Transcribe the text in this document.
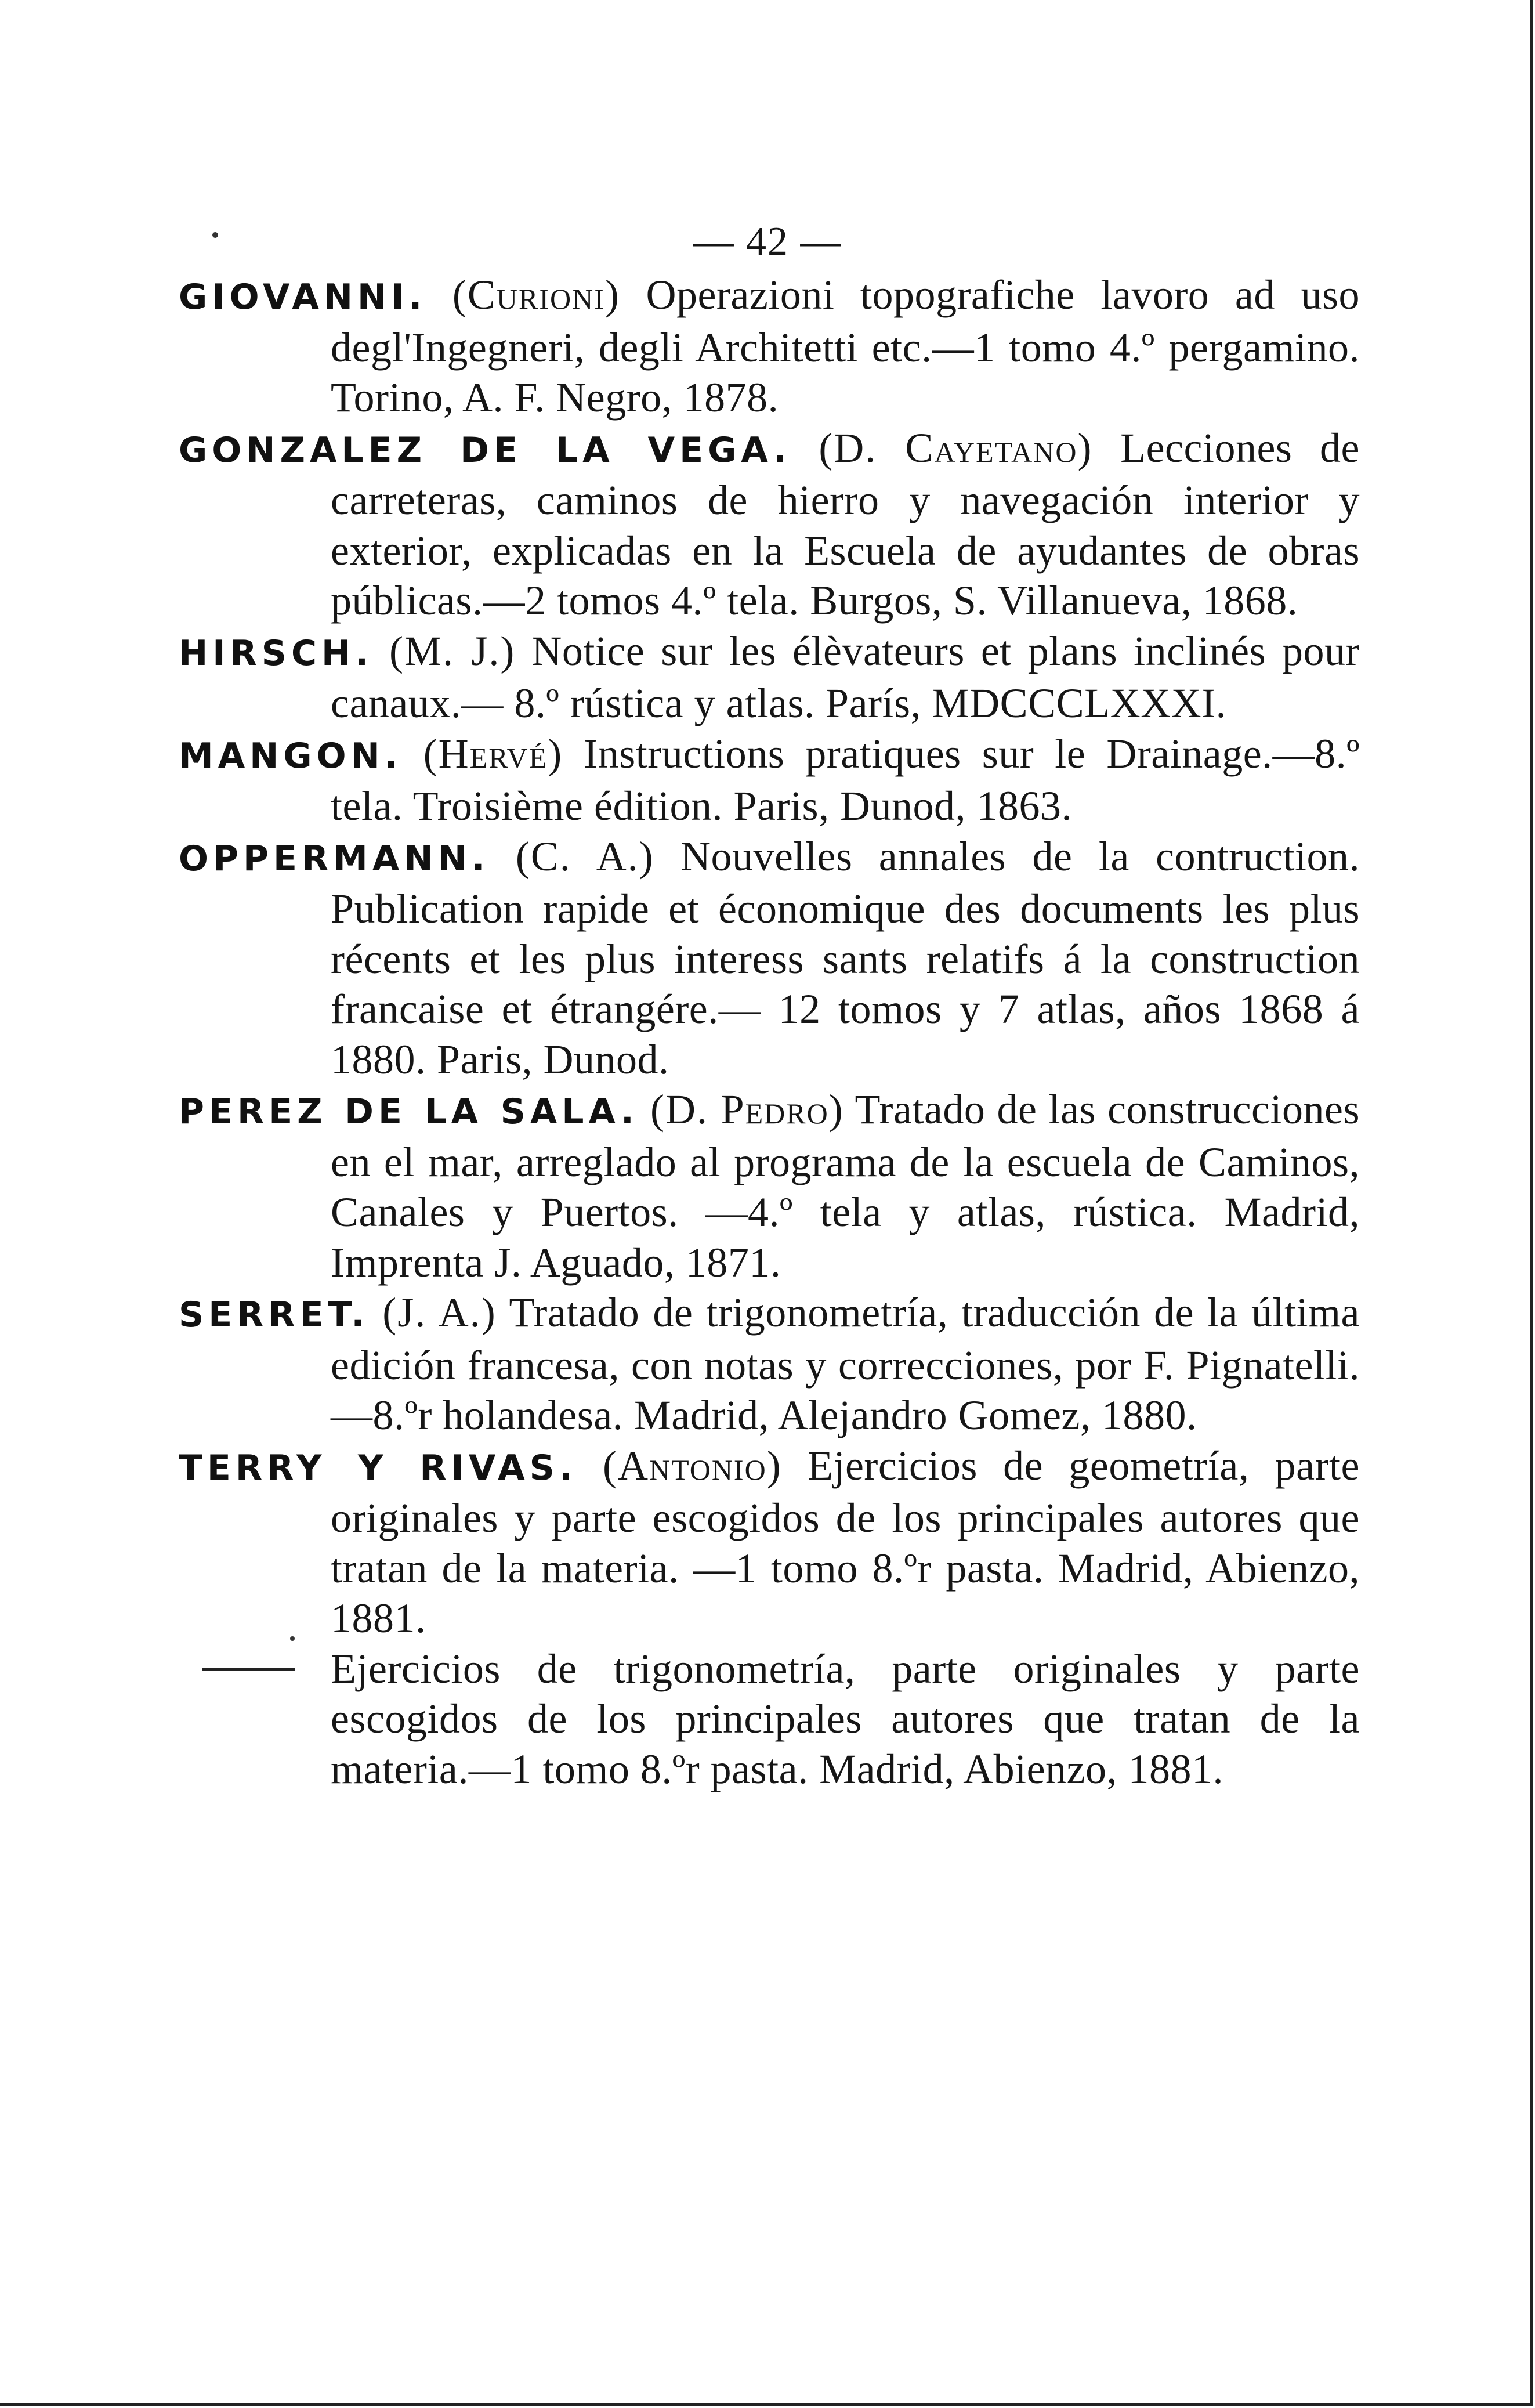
— 42 —

GIOVANNI. (Curioni) Operazioni topografiche lavoro ad uso degl'Ingegneri, degli Architetti etc.—1 tomo 4.º pergamino. Torino, A. F. Negro, 1878.

GONZALEZ DE LA VEGA. (D. Cayetano) Lecciones de carreteras, caminos de hierro y navegación interior y exterior, explicadas en la Escuela de ayudantes de obras públicas.—2 tomos 4.º tela. Burgos, S. Villanueva, 1868.

HIRSCH. (M. J.) Notice sur les élèvateurs et plans inclinés pour canaux.— 8.º rústica y atlas. París, MDCCCLXXXI.

MANGON. (Hervé) Instructions pratiques sur le Drainage.—8.º tela. Troisième édition. Paris, Dunod, 1863.

OPPERMANN. (C. A.) Nouvelles annales de la contruction. Publication rapide et économique des documents les plus récents et les plus interess sants relatifs á la construction francaise et étrangére.— 12 tomos y 7 atlas, años 1868 á 1880. Paris, Dunod.

PEREZ DE LA SALA. (D. Pedro) Tratado de las construcciones en el mar, arreglado al programa de la escuela de Caminos, Canales y Puertos. —4.º tela y atlas, rústica. Madrid, Imprenta J. Aguado, 1871.

SERRET. (J. A.) Tratado de trigonometría, traducción de la última edición francesa, con notas y correcciones, por F. Pignatelli.—8.ºr holandesa. Madrid, Alejandro Gomez, 1880.

TERRY Y RIVAS. (Antonio) Ejercicios de geometría, parte originales y parte escogidos de los principales autores que tratan de la materia. —1 tomo 8.ºr pasta. Madrid, Abienzo, 1881.

Ejercicios de trigonometría, parte originales y parte escogidos de los principales autores que tratan de la materia.—1 tomo 8.ºr pasta. Madrid, Abienzo, 1881.
